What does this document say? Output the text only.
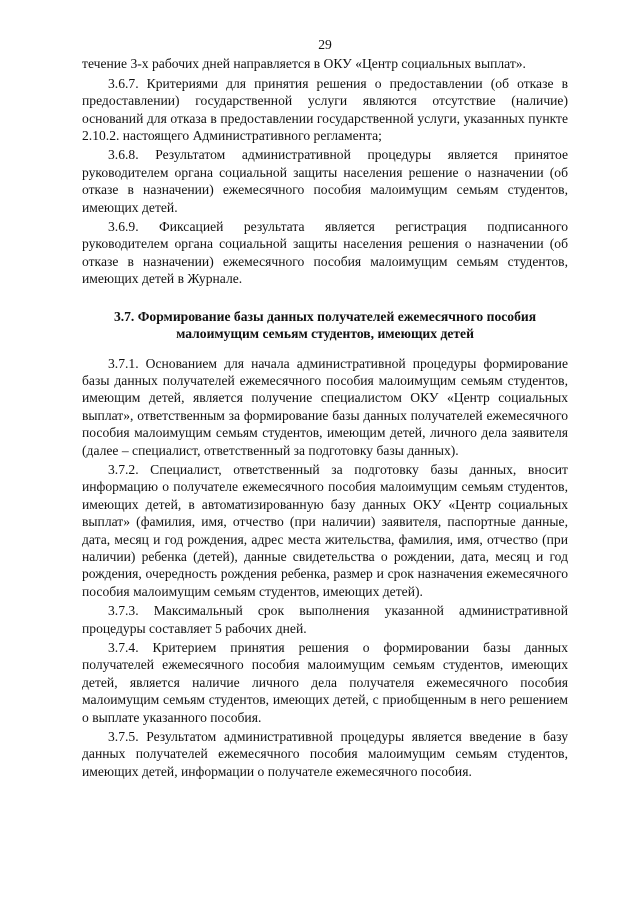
29

течение 3-х рабочих дней направляется в ОКУ «Центр социальных выплат».

3.6.7. Критериями для принятия решения о предоставлении (об отказе в предоставлении) государственной услуги являются отсутствие (наличие) оснований для отказа в предоставлении государственной услуги, указанных пункте 2.10.2. настоящего Административного регламента;

3.6.8. Результатом административной процедуры является принятое руководителем органа социальной защиты населения решение о назначении (об отказе в назначении) ежемесячного пособия малоимущим семьям студентов, имеющих детей.

3.6.9. Фиксацией результата является регистрация подписанного руководителем органа социальной защиты населения решения о назначении (об отказе в назначении) ежемесячного пособия малоимущим семьям студентов, имеющих детей в Журнале.

3.7. Формирование базы данных получателей ежемесячного пособия малоимущим семьям студентов, имеющих детей

3.7.1. Основанием для начала административной процедуры формирование базы данных получателей ежемесячного пособия малоимущим семьям студентов, имеющим детей, является получение специалистом ОКУ «Центр социальных выплат», ответственным за формирование базы данных получателей ежемесячного пособия малоимущим семьям студентов, имеющим детей, личного дела заявителя (далее – специалист, ответственный за подготовку базы данных).

3.7.2. Специалист, ответственный за подготовку базы данных, вносит информацию о получателе ежемесячного пособия малоимущим семьям студентов, имеющих детей, в автоматизированную базу данных ОКУ «Центр социальных выплат» (фамилия, имя, отчество (при наличии) заявителя, паспортные данные, дата, месяц и год рождения, адрес места жительства, фамилия, имя, отчество (при наличии) ребенка (детей), данные свидетельства о рождении, дата, месяц и год рождения, очередность рождения ребенка, размер и срок назначения ежемесячного пособия малоимущим семьям студентов, имеющих детей).

3.7.3. Максимальный срок выполнения указанной административной процедуры составляет 5 рабочих дней.

3.7.4. Критерием принятия решения о формировании базы данных получателей ежемесячного пособия малоимущим семьям студентов, имеющих детей, является наличие личного дела получателя ежемесячного пособия малоимущим семьям студентов, имеющих детей, с приобщенным в него решением о выплате указанного пособия.

3.7.5. Результатом административной процедуры является введение в базу данных получателей ежемесячного пособия малоимущим семьям студентов, имеющих детей, информации о получателе ежемесячного пособия.
